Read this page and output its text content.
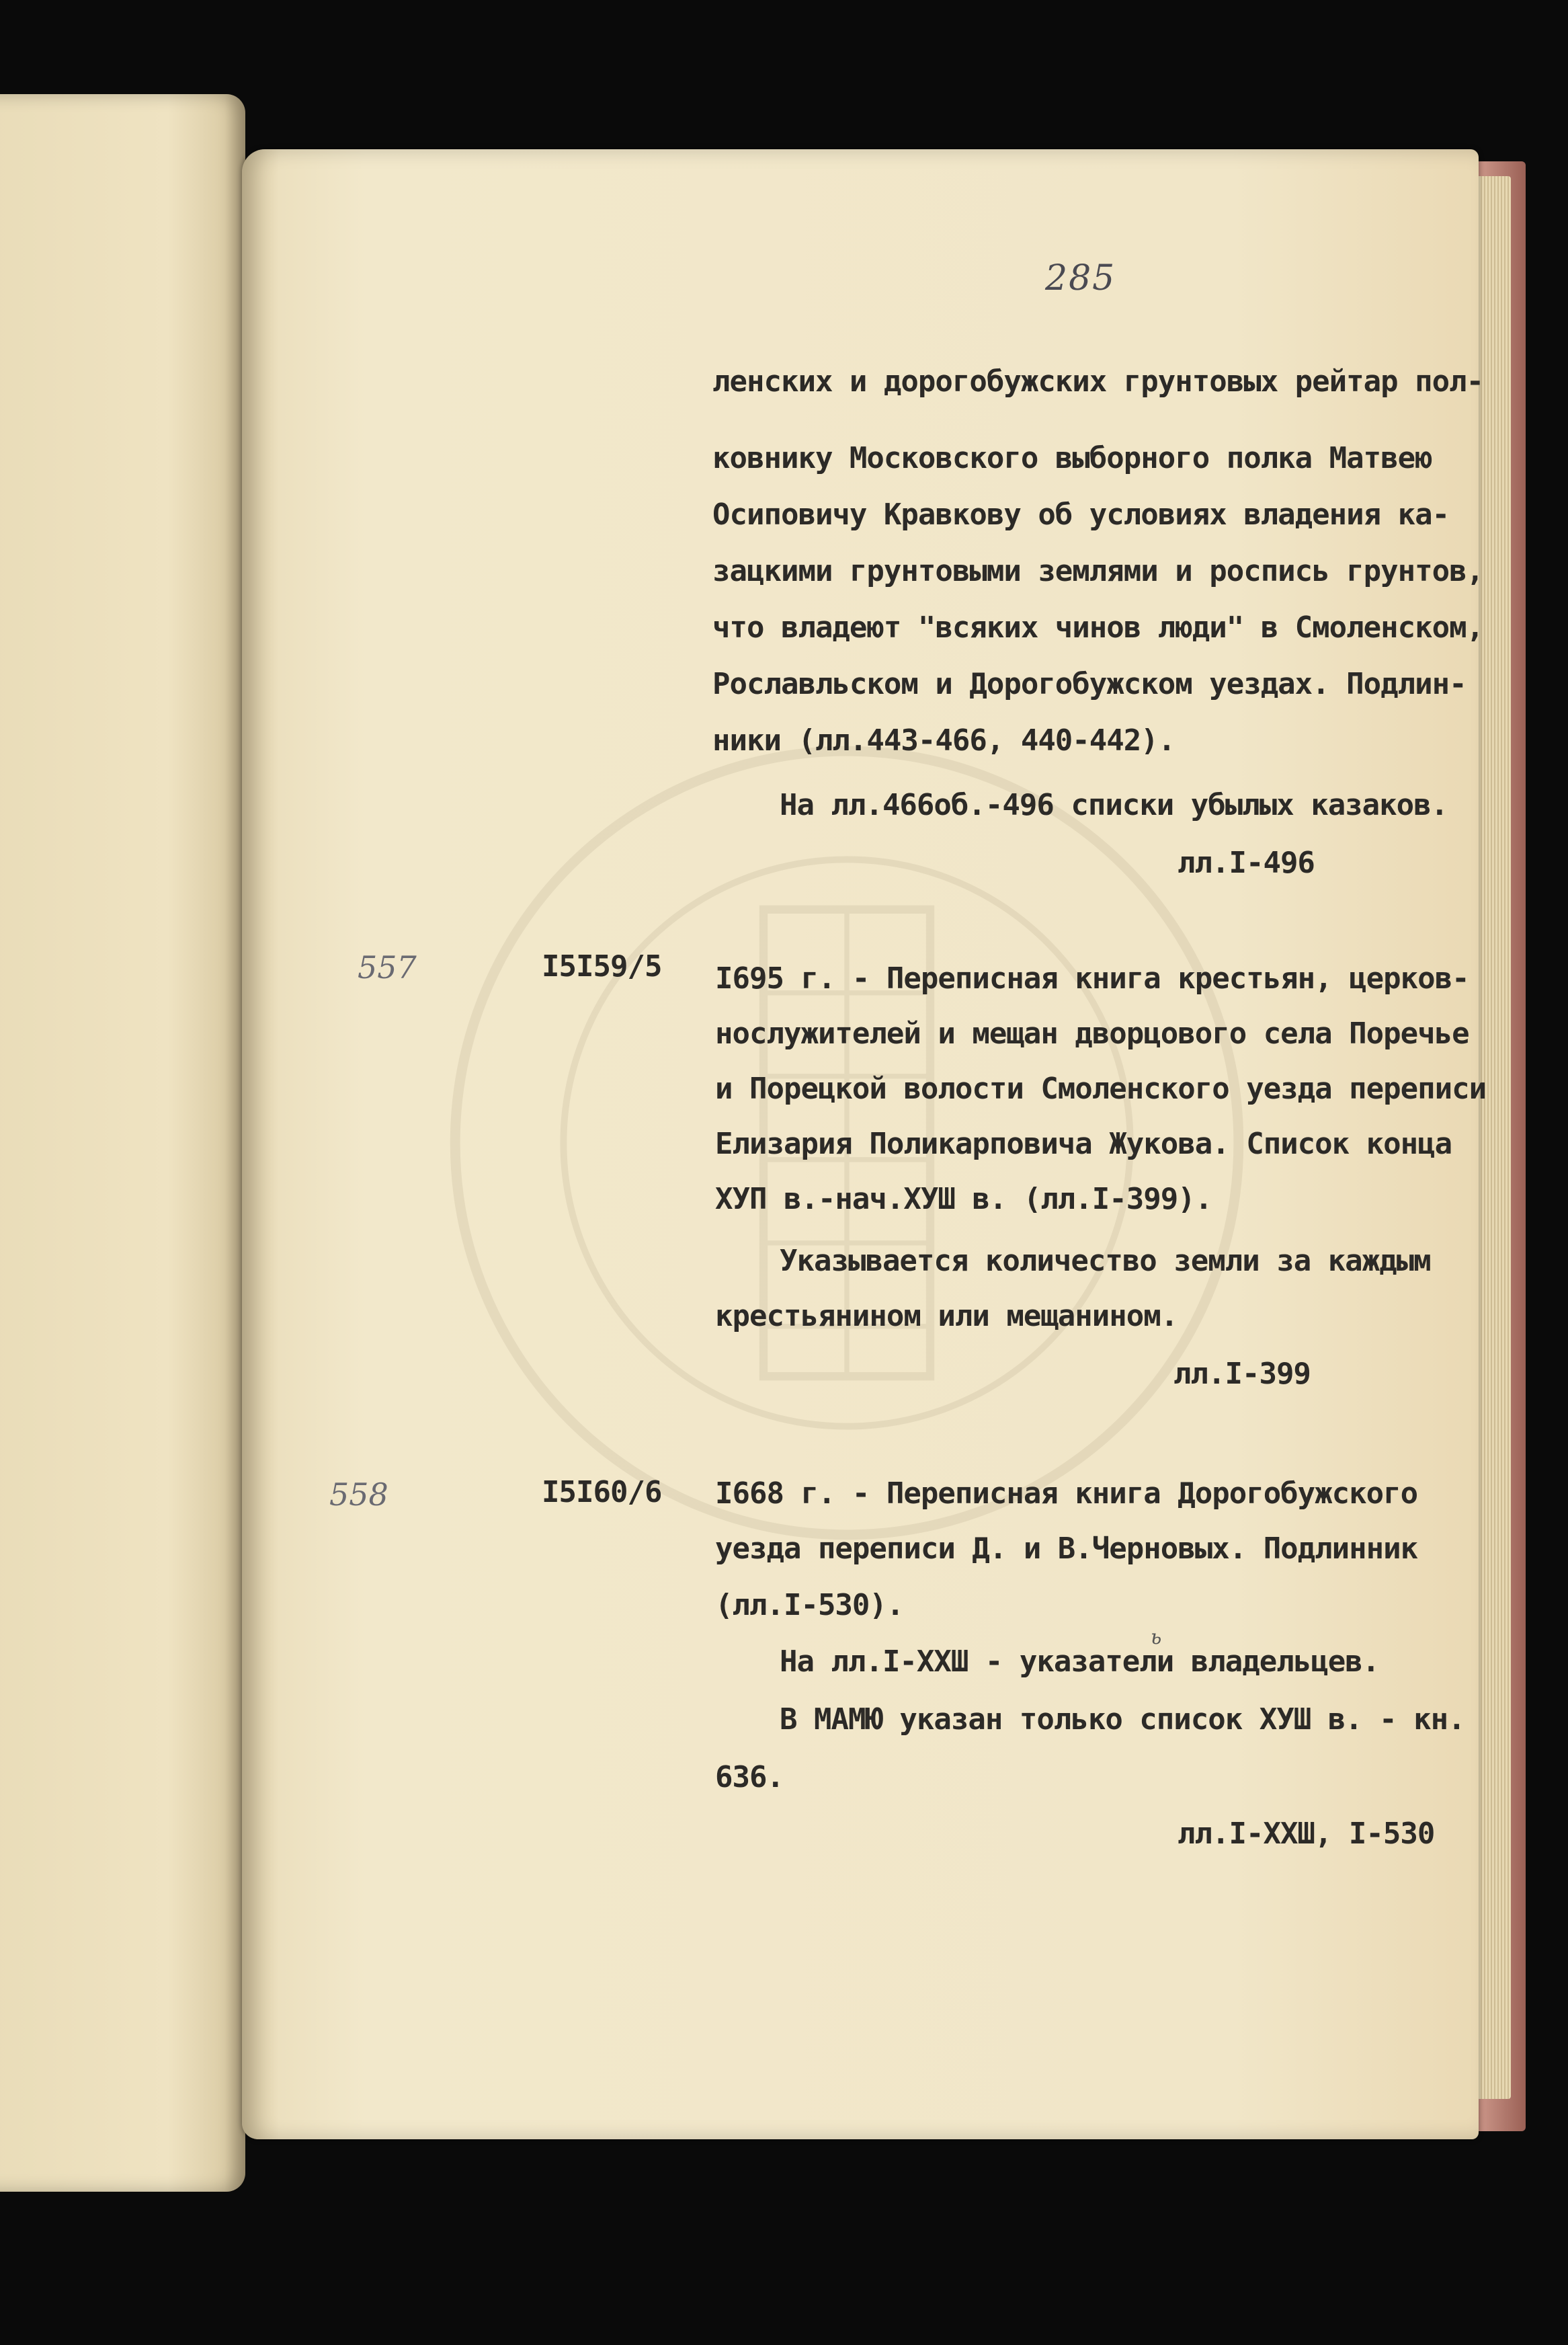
285
ленских и дорогобужских грунтовых рейтар пол-
ковнику Московского выборного полка Матвею
Осиповичу Кравкову об условиях владения ка-
зацкими грунтовыми землями и роспись грунтов,
что владеют "всяких чинов люди" в Смоленском,
Рославльском и Дорогобужском уездах. Подлин-
ники (лл.443-466, 440-442).
На лл.466об.-496 списки убылых казаков.
лл.I-496
557	I5I59/5 I695 г. - Переписная книга крестьян, церков-
нослужителей и мещан дворцового села Поречье
и Порецкой волости Смоленского уезда переписи
Елизария Поликарповича Жукова. Список конца
ХУП в.-нач.ХУШ в. (лл.I-399).
Указывается количество земли за каждым
крестьянином или мещанином.
лл.I-399
558	I5I60/6 I668 г. - Переписная книга Дорогобужского
уезда переписи Д. и В.Черновых. Подлинник
(лл.I-530).
ь
На лл.I-ХХШ - указатели владельцев.
В МАМЮ указан только список ХУШ в. - кн.
636.
лл.I-ХХШ, I-530
